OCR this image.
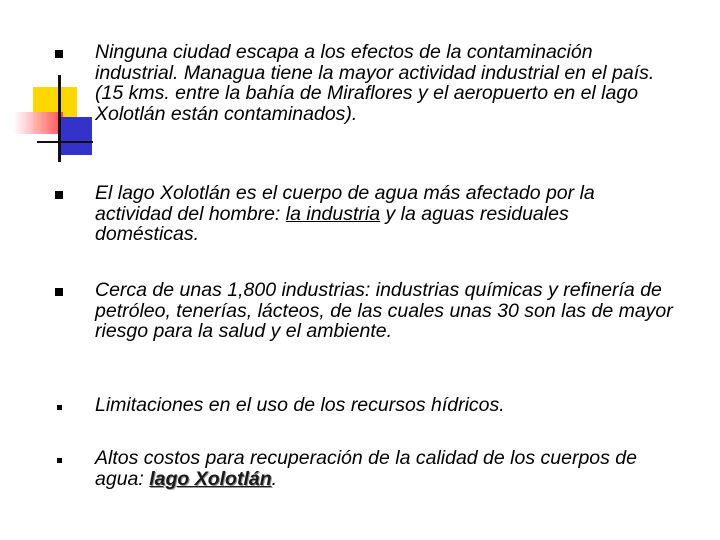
Ninguna ciudad escapa a los efectos de la contaminación industrial. Managua tiene la mayor actividad industrial en el país.(15 kms. entre la bahía de Miraflores y el aeropuerto en el lago Xolotlán están contaminados).
El lago Xolotlán es el cuerpo de agua más afectado por la actividad del hombre: la industria y la aguas residuales domésticas.
Cerca de unas 1,800 industrias: industrias químicas y refinería de petróleo, tenerías, lácteos, de las cuales unas 30 son las de mayor riesgo para la salud y el ambiente.
Limitaciones en el uso de los recursos hídricos.
Altos costos para recuperación de la calidad de los cuerpos de agua: lago Xolotlán.
